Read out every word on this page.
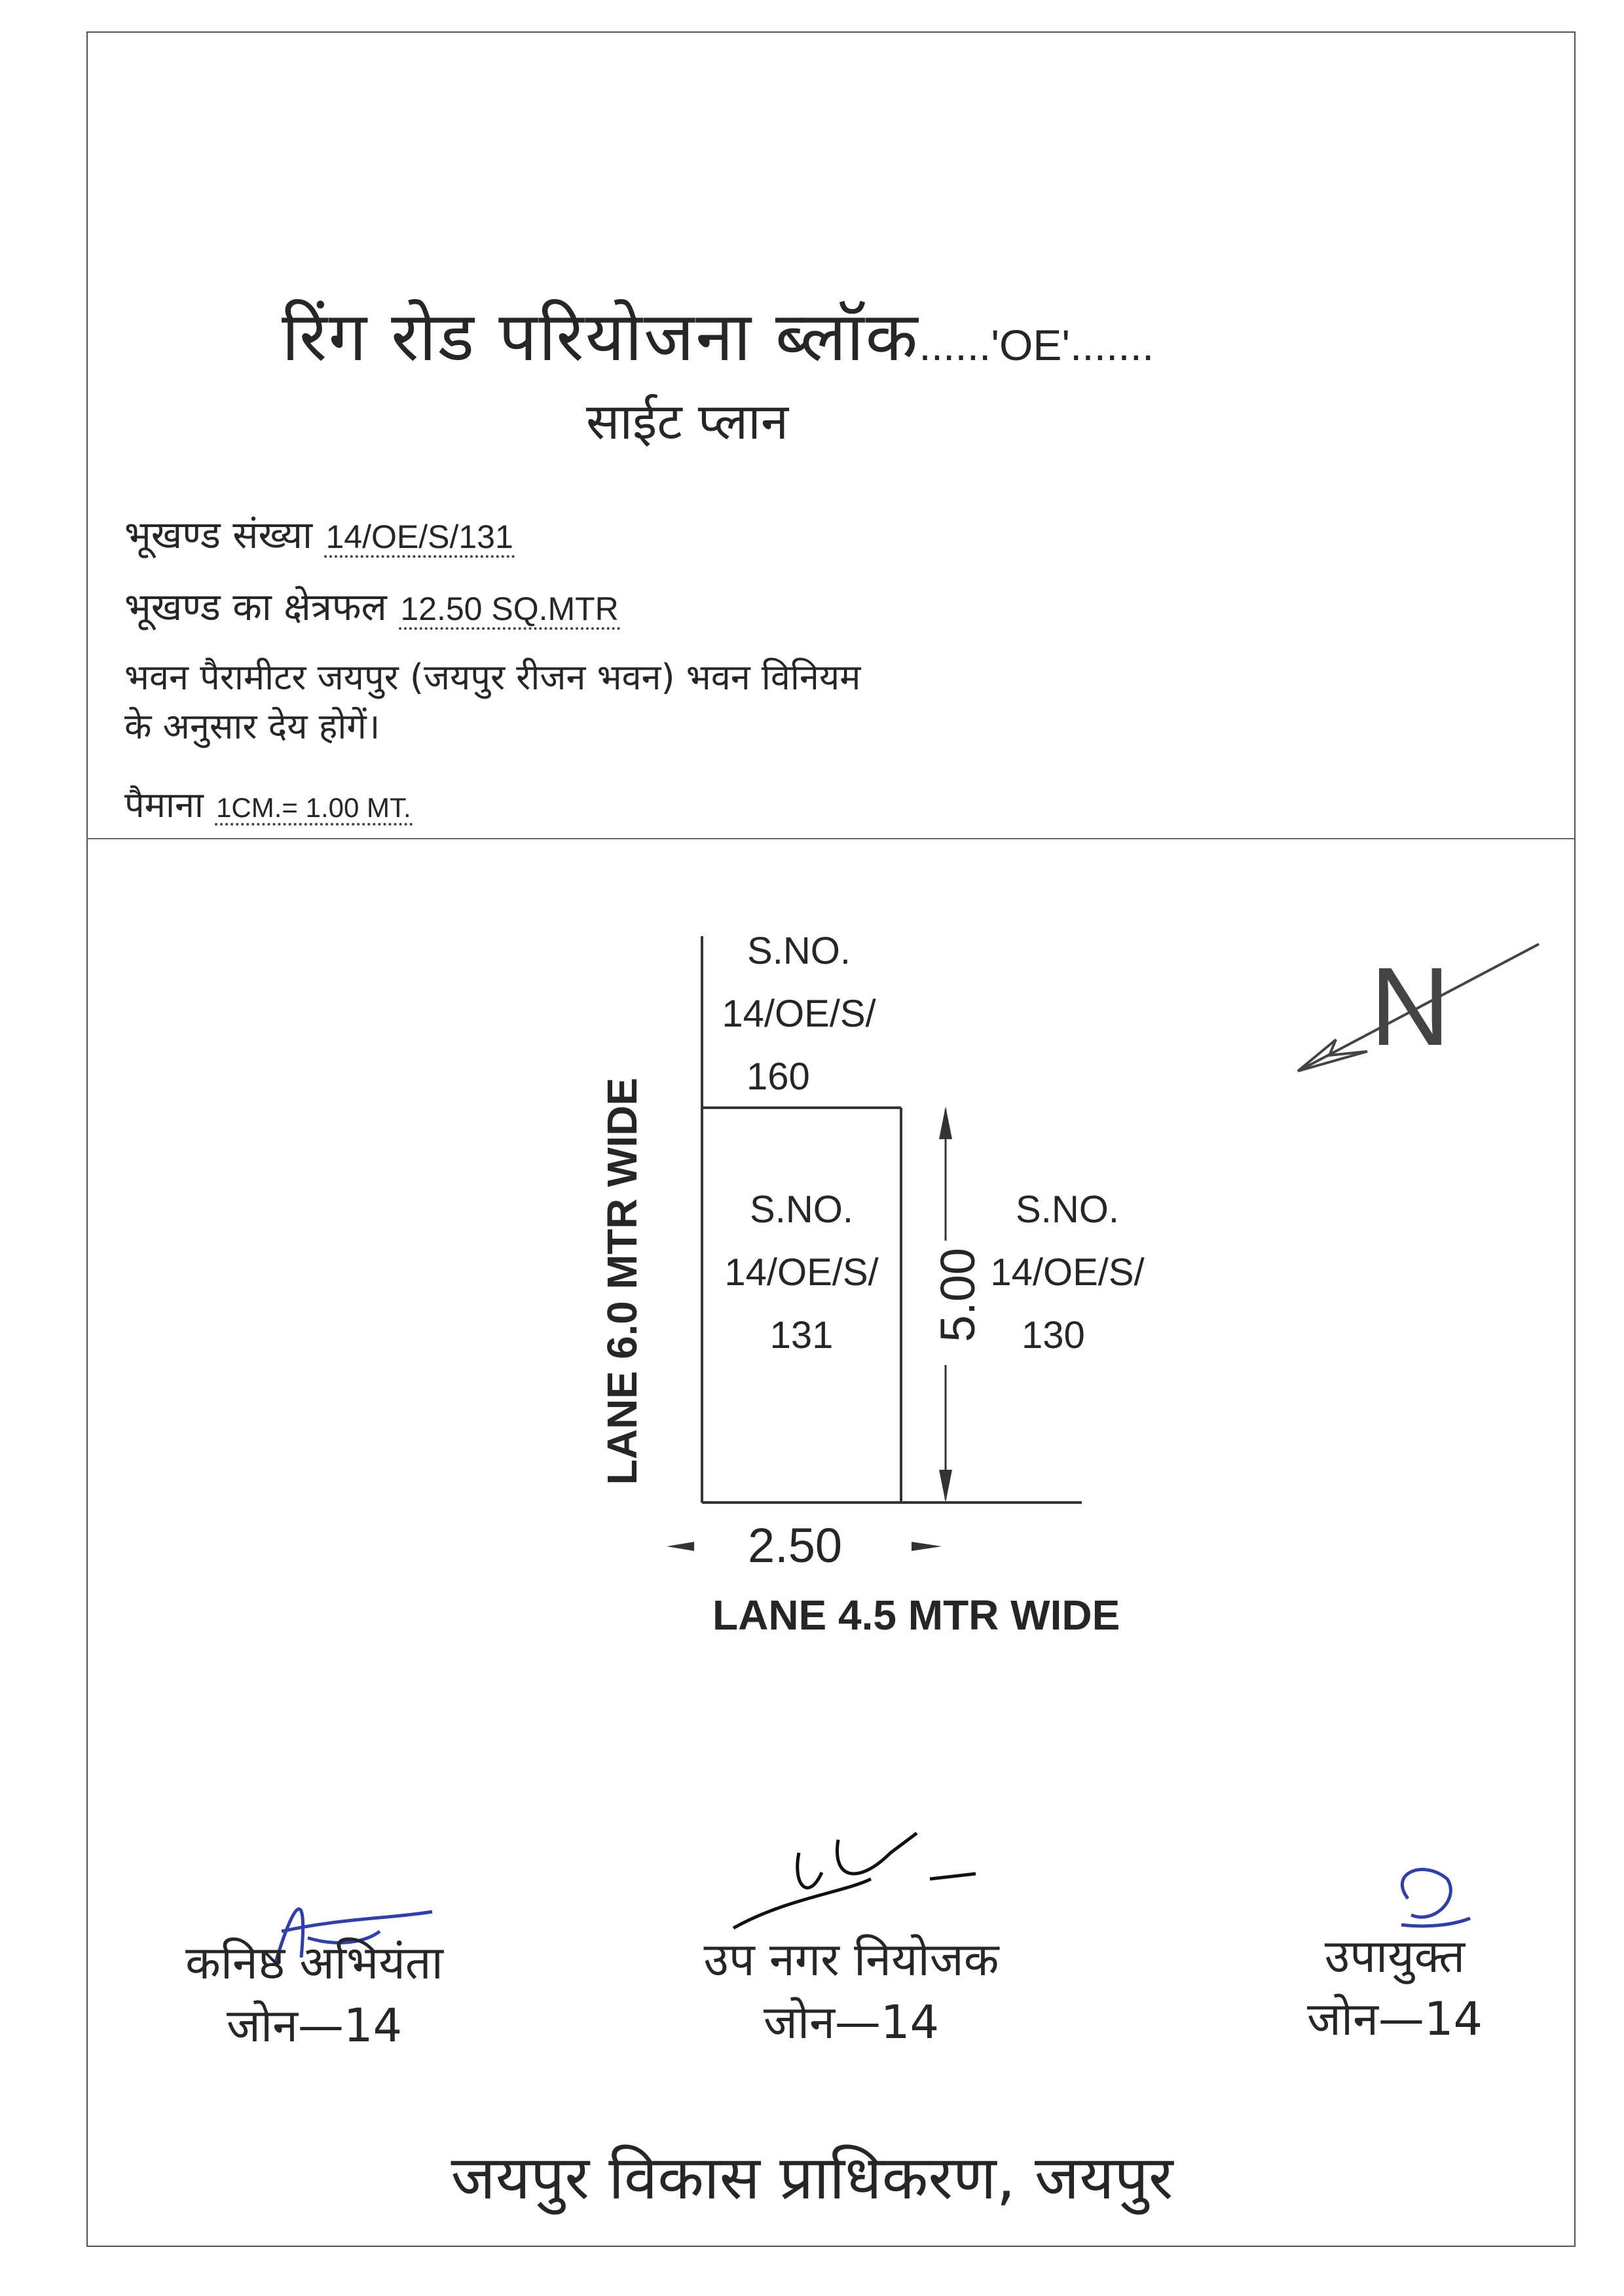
रिंग रोड परियोजना ब्लॉक......'OE'.......
साईट प्लान
भूखण्ड संख्या 14/OE/S/131
भूखण्ड का क्षेत्रफल 12.50 SQ.MTR
भवन पैरामीटर जयपुर (जयपुर रीजन भवन) भवन विनियम
के अनुसार देय होगें।
पैमाना 1CM.= 1.00 MT.
S.NO.
14/OE/S/
160
S.NO.
14/OE/S/
131
S.NO.
14/OE/S/
130
5.00
2.50
LANE 6.0 MTR WIDE
LANE 4.5 MTR WIDE
N
कनिष्ठ अभियंता
जोन—14
उप नगर नियोजक
जोन—14
उपायुक्त
जोन—14
जयपुर विकास प्राधिकरण, जयपुर
